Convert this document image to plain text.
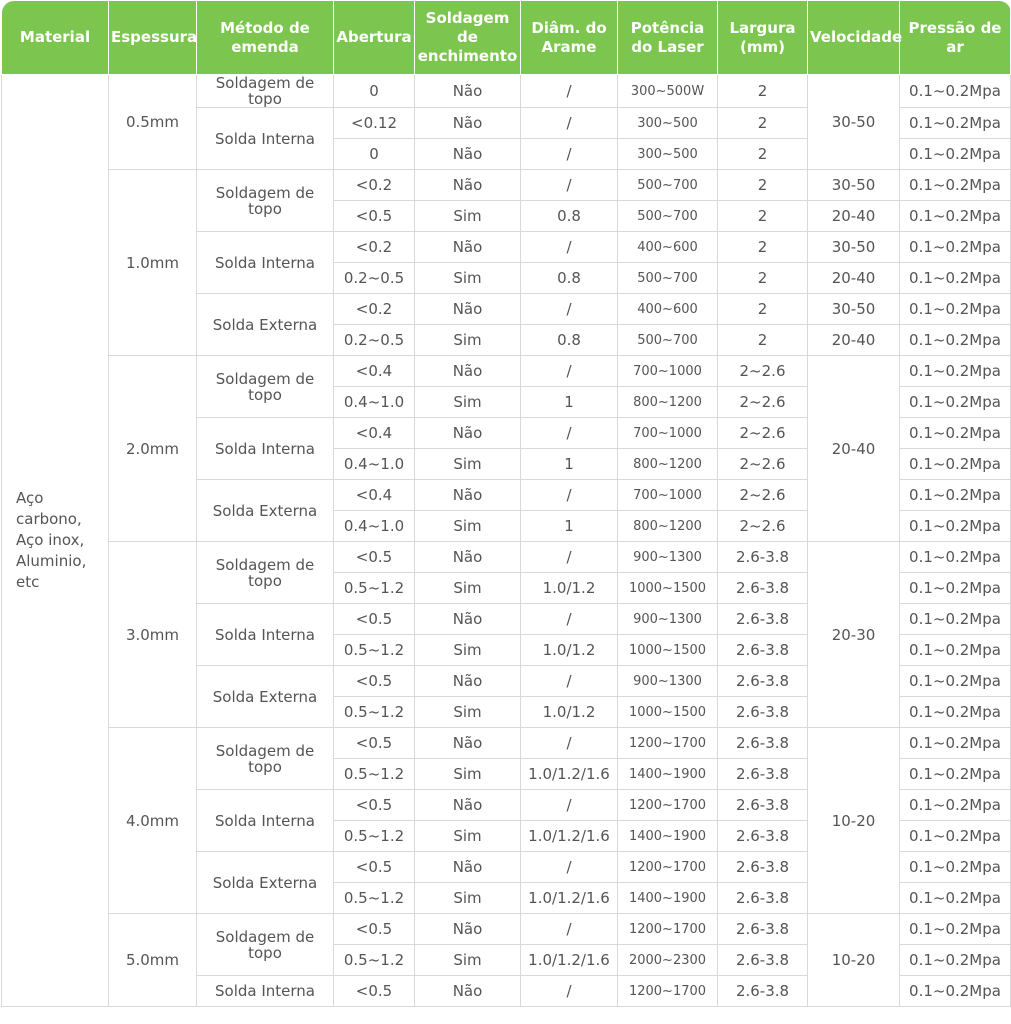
Material	Espessura	Método de emenda	Abertura	Soldagem de enchimento	Diâm. do Arame	Potência do Laser	Largura (mm)	Velocidade	Pressão de ar
Aço carbono, Aço inox, Aluminio, etc	0.5mm	Soldagem de topo	0	Não	/	300~500W	2	30-50	0.1~0.2Mpa
		Solda Interna	<0.12	Não	/	300~500	2		0.1~0.2Mpa
			0	Não	/	300~500	2		0.1~0.2Mpa
	1.0mm	Soldagem de topo	<0.2	Não	/	500~700	2	30-50	0.1~0.2Mpa
			<0.5	Sim	0.8	500~700	2	20-40	0.1~0.2Mpa
		Solda Interna	<0.2	Não	/	400~600	2	30-50	0.1~0.2Mpa
			0.2~0.5	Sim	0.8	500~700	2	20-40	0.1~0.2Mpa
		Solda Externa	<0.2	Não	/	400~600	2	30-50	0.1~0.2Mpa
			0.2~0.5	Sim	0.8	500~700	2	20-40	0.1~0.2Mpa
	2.0mm	Soldagem de topo	<0.4	Não	/	700~1000	2~2.6	20-40	0.1~0.2Mpa
			0.4~1.0	Sim	1	800~1200	2~2.6		0.1~0.2Mpa
		Solda Interna	<0.4	Não	/	700~1000	2~2.6		0.1~0.2Mpa
			0.4~1.0	Sim	1	800~1200	2~2.6		0.1~0.2Mpa
		Solda Externa	<0.4	Não	/	700~1000	2~2.6		0.1~0.2Mpa
			0.4~1.0	Sim	1	800~1200	2~2.6		0.1~0.2Mpa
	3.0mm	Soldagem de topo	<0.5	Não	/	900~1300	2.6-3.8	20-30	0.1~0.2Mpa
			0.5~1.2	Sim	1.0/1.2	1000~1500	2.6-3.8		0.1~0.2Mpa
		Solda Interna	<0.5	Não	/	900~1300	2.6-3.8		0.1~0.2Mpa
			0.5~1.2	Sim	1.0/1.2	1000~1500	2.6-3.8		0.1~0.2Mpa
		Solda Externa	<0.5	Não	/	900~1300	2.6-3.8		0.1~0.2Mpa
			0.5~1.2	Sim	1.0/1.2	1000~1500	2.6-3.8		0.1~0.2Mpa
	4.0mm	Soldagem de topo	<0.5	Não	/	1200~1700	2.6-3.8	10-20	0.1~0.2Mpa
			0.5~1.2	Sim	1.0/1.2/1.6	1400~1900	2.6-3.8		0.1~0.2Mpa
		Solda Interna	<0.5	Não	/	1200~1700	2.6-3.8		0.1~0.2Mpa
			0.5~1.2	Sim	1.0/1.2/1.6	1400~1900	2.6-3.8		0.1~0.2Mpa
		Solda Externa	<0.5	Não	/	1200~1700	2.6-3.8		0.1~0.2Mpa
			0.5~1.2	Sim	1.0/1.2/1.6	1400~1900	2.6-3.8		0.1~0.2Mpa
	5.0mm	Soldagem de topo	<0.5	Não	/	1200~1700	2.6-3.8	10-20	0.1~0.2Mpa
			0.5~1.2	Sim	1.0/1.2/1.6	2000~2300	2.6-3.8		0.1~0.2Mpa
		Solda Interna	<0.5	Não	/	1200~1700	2.6-3.8		0.1~0.2Mpa
